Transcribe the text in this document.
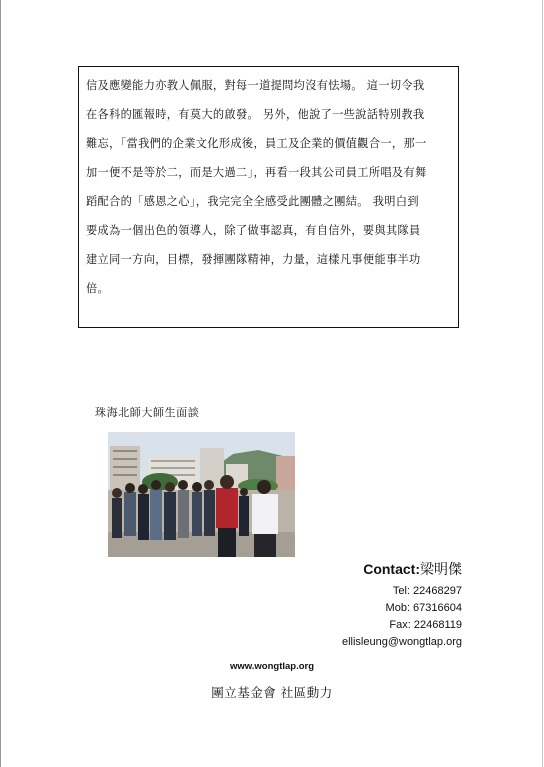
信及應變能力亦教人佩服，對每一道提問均沒有怯場。 這一切令我

在各科的匯報時，有莫大的啟發。 另外，他說了一些說話特別教我

難忘，「當我們的企業文化形成後，員工及企業的價值觀合一，那一

加一便不是等於二，而是大過二」，再看一段其公司員工所唱及有舞

蹈配合的「感恩之心」，我完完全全感受此團體之團結。 我明白到

要成為一個出色的領導人，除了做事認真，有自信外，要與其隊員

建立同一方向，目標，發揮團隊精神，力量，這樣凡事便能事半功

倍。

珠海北師大師生面談
Contact:梁明傑
Tel: 22468297
Mob: 67316604
Fax: 22468119
ellisleung@wongtlap.org
www.wongtlap.org
團立基金會 社區動力
